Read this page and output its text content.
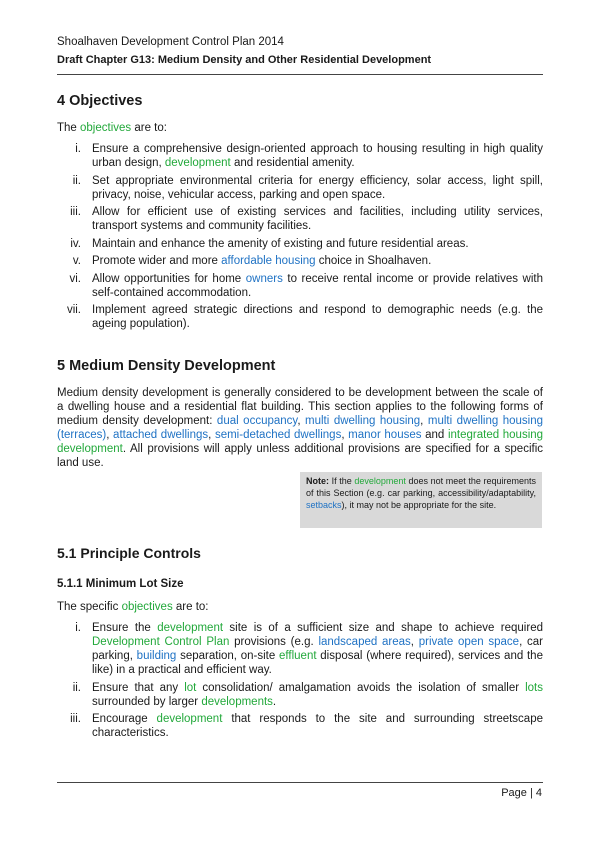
Shoalhaven Development Control Plan 2014
Draft Chapter G13: Medium Density and Other Residential Development
4 Objectives

The objectives are to:

i. Ensure a comprehensive design-oriented approach to housing resulting in high quality urban design, development and residential amenity.
ii. Set appropriate environmental criteria for energy efficiency, solar access, light spill, privacy, noise, vehicular access, parking and open space.
iii. Allow for efficient use of existing services and facilities, including utility services, transport systems and community facilities.
iv. Maintain and enhance the amenity of existing and future residential areas.
v. Promote wider and more affordable housing choice in Shoalhaven.
vi. Allow opportunities for home owners to receive rental income or provide relatives with self-contained accommodation.
vii. Implement agreed strategic directions and respond to demographic needs (e.g. the ageing population).
5 Medium Density Development

Medium density development is generally considered to be development between the scale of a dwelling house and a residential flat building. This section applies to the following forms of medium density development: dual occupancy, multi dwelling housing, multi dwelling housing (terraces), attached dwellings, semi-detached dwellings, manor houses and integrated housing development. All provisions will apply unless additional provisions are specified for a specific land use.

Note: If the development does not meet the requirements of this Section (e.g. car parking, accessibility/adaptability, setbacks), it may not be appropriate for the site.
5.1 Principle Controls
5.1.1 Minimum Lot Size

The specific objectives are to:

i. Ensure the development site is of a sufficient size and shape to achieve required Development Control Plan provisions (e.g. landscaped areas, private open space, car parking, building separation, on-site effluent disposal (where required), services and the like) in a practical and efficient way.
ii. Ensure that any lot consolidation/ amalgamation avoids the isolation of smaller lots surrounded by larger developments.
iii. Encourage development that responds to the site and surrounding streetscape characteristics.
Page | 4
